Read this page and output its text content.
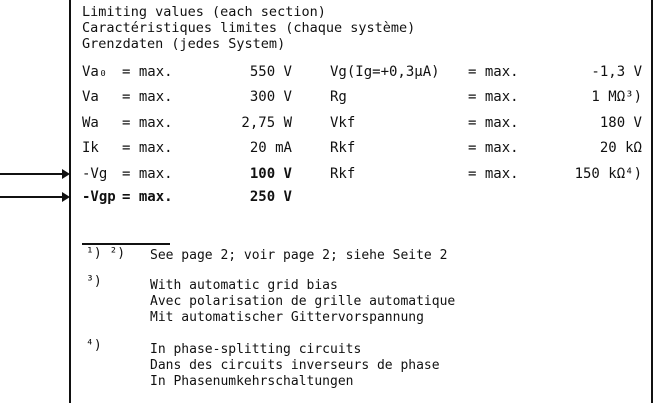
Limiting values (each section)
Caractéristiques limites (chaque système)
Grenzdaten (jedes System)
Va₀ = max.	550 V	Vg(Ig=+0,3μA) = max.	-1,3 V
Va = max.	300 V	Rg	= max.	1 MΩ³)
Wa = max.	2,75 W	Vkf	= max.	180 V
Ik = max.	20 mA	Rkf	= max.	20 kΩ
-Vg = max.	100 V	Rkf	= max.	150 kΩ⁴)
-Vgp = max.	250 V
¹) ²) See page 2; voir page 2; siehe Seite 2
³)	With automatic grid bias
Avec polarisation de grille automatique
Mit automatischer Gittervorspannung
⁴)	In phase-splitting circuits
Dans des circuits inverseurs de phase
In Phasenumkehrschaltungen
